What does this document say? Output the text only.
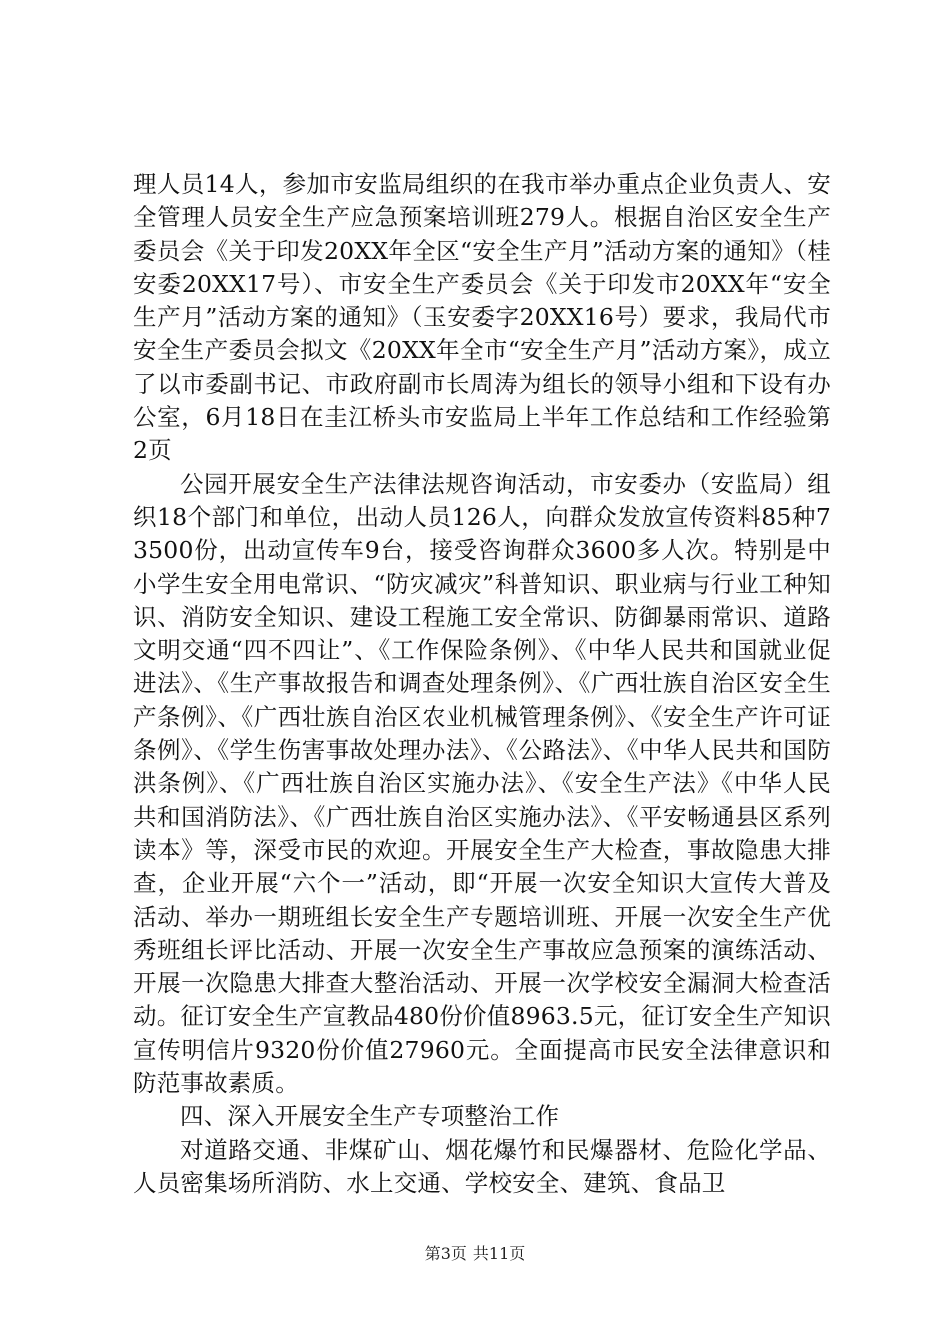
理人员14人，参加市安监局组织的在我市举办重点企业负责人、安全管理人员安全生产应急预案培训班279人。根据自治区安全生产委员会《关于印发20XX年全区“安全生产月”活动方案的通知》（桂安委20XX17号）、市安全生产委员会《关于印发市20XX年“安全生产月”活动方案的通知》（玉安委字20XX16号）要求，我局代市安全生产委员会拟文《20XX年全市“安全生产月”活动方案》，成立了以市委副书记、市政府副市长周涛为组长的领导小组和下设有办公室，6月18日在圭江桥头市安监局上半年工作总结和工作经验第2页

公园开展安全生产法律法规咨询活动，市安委办（安监局）组织18个部门和单位，出动人员126人，向群众发放宣传资料85种73500份，出动宣传车9台，接受咨询群众3600多人次。特别是中小学生安全用电常识、“防灾减灾”科普知识、职业病与行业工种知识、消防安全知识、建设工程施工安全常识、防御暴雨常识、道路文明交通“四不四让”、《工作保险条例》、《中华人民共和国就业促进法》、《生产事故报告和调查处理条例》、《广西壮族自治区安全生产条例》、《广西壮族自治区农业机械管理条例》、《安全生产许可证条例》、《学生伤害事故处理办法》、《公路法》、《中华人民共和国防洪条例》、《广西壮族自治区实施办法》、《安全生产法》《中华人民共和国消防法》、《广西壮族自治区实施办法》、《平安畅通县区系列读本》等，深受市民的欢迎。开展安全生产大检查，事故隐患大排查，企业开展“六个一”活动，即“开展一次安全知识大宣传大普及活动、举办一期班组长安全生产专题培训班、开展一次安全生产优秀班组长评比活动、开展一次安全生产事故应急预案的演练活动、开展一次隐患大排查大整治活动、开展一次学校安全漏洞大检查活动。征订安全生产宣教品480份价值8963.5元，征订安全生产知识宣传明信片9320份价值27960元。全面提高市民安全法律意识和防范事故素质。

四、深入开展安全生产专项整治工作

对道路交通、非煤矿山、烟花爆竹和民爆器材、危险化学品、人员密集场所消防、水上交通、学校安全、建筑、食品卫

第3页 共11页
